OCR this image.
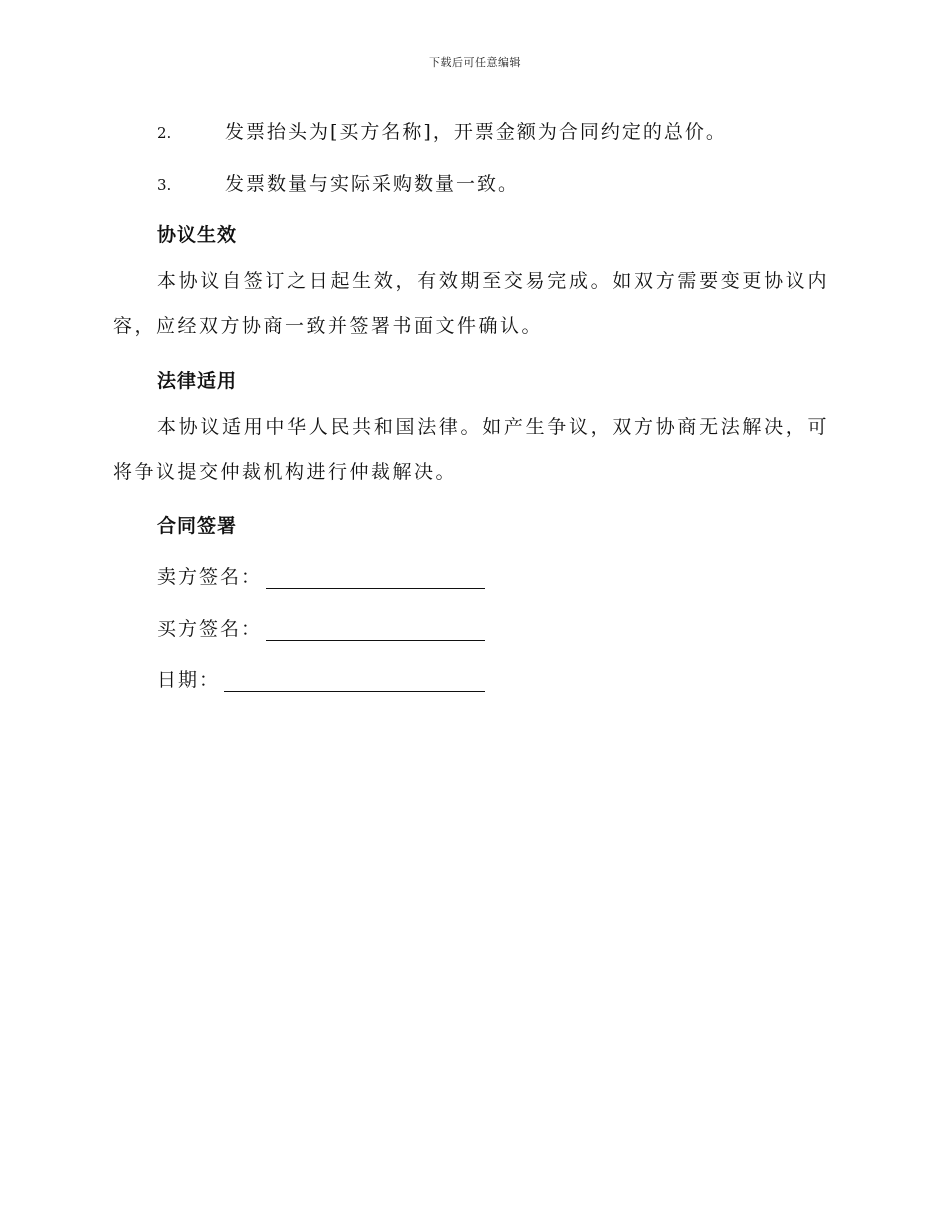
下载后可任意编辑
2.	发票抬头为[买方名称]，开票金额为合同约定的总价。
3.	发票数量与实际采购数量一致。
协议生效
本协议自签订之日起生效，有效期至交易完成。如双方需要变更协议内容，应经双方协商一致并签署书面文件确认。
法律适用
本协议适用中华人民共和国法律。如产生争议，双方协商无法解决，可将争议提交仲裁机构进行仲裁解决。
合同签署
卖方签名：
买方签名：
日期：
